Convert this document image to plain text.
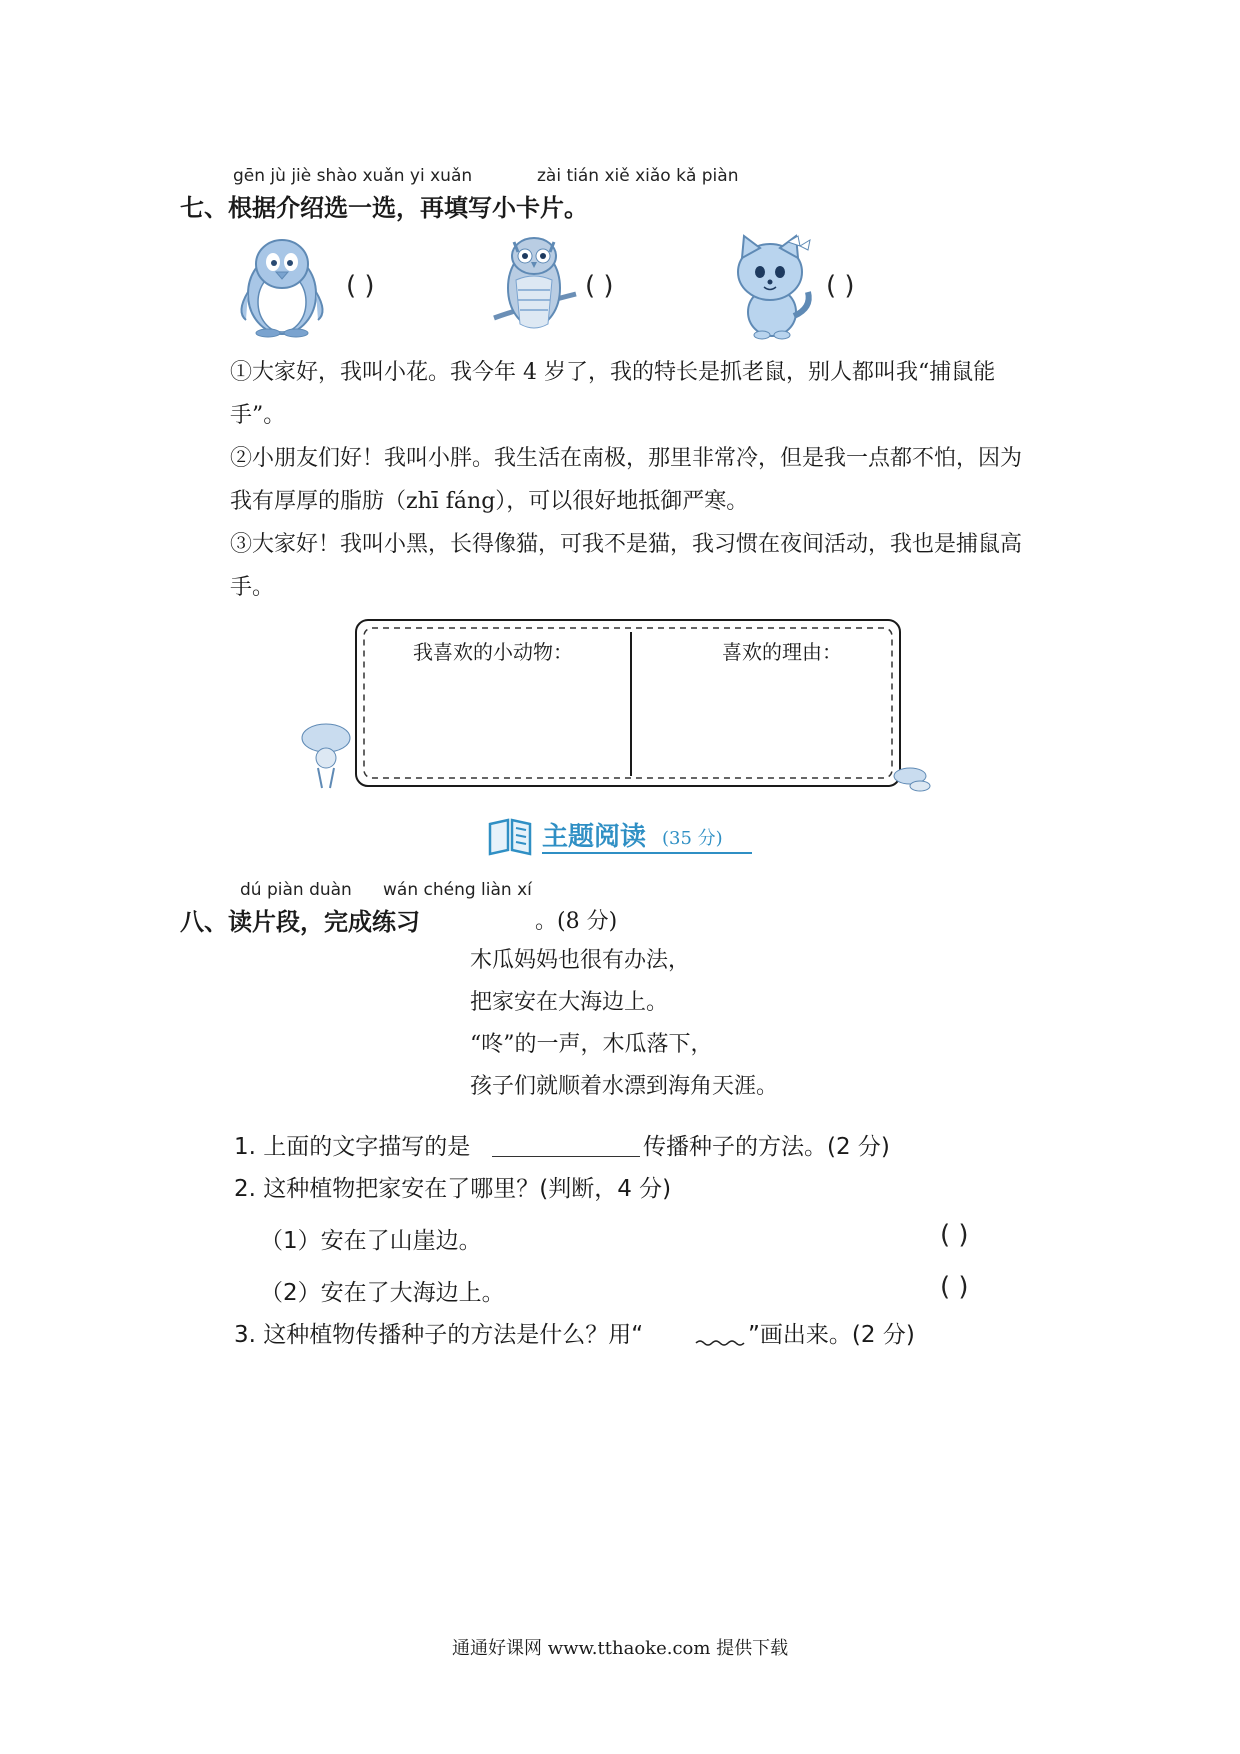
gēn jù jiè shào xuǎn yi xuǎn	zài tián xiě xiǎo kǎ piàn
七、根据介绍选一选，再填写小卡片。
( )	( )	( )
①大家好，我叫小花。我今年 4 岁了，我的特长是抓老鼠，别人都叫我“捕鼠能手”。
②小朋友们好！我叫小胖。我生活在南极，那里非常冷，但是我一点都不怕，因为我有厚厚的脂肪（zhī fáng），可以很好地抵御严寒。
③大家好！我叫小黑，长得像猫，可我不是猫，我习惯在夜间活动，我也是捕鼠高手。
我喜欢的小动物：	喜欢的理由：
主题阅读 (35 分)
dú piàn duàn wán chéng liàn xí
八、读片段，完成练习	。(8 分)
木瓜妈妈也很有办法，
把家安在大海边上。
“咚”的一声，木瓜落下，
孩子们就顺着水漂到海角天涯。
1. 上面的文字描写的是	传播种子的方法。(2 分)
2. 这种植物把家安在了哪里？(判断，4 分)
（1）安在了山崖边。	( )
（2）安在了大海边上。	( )
3. 这种植物传播种子的方法是什么？用“	”画出来。(2 分)
通通好课网 www.tthaoke.com 提供下载
